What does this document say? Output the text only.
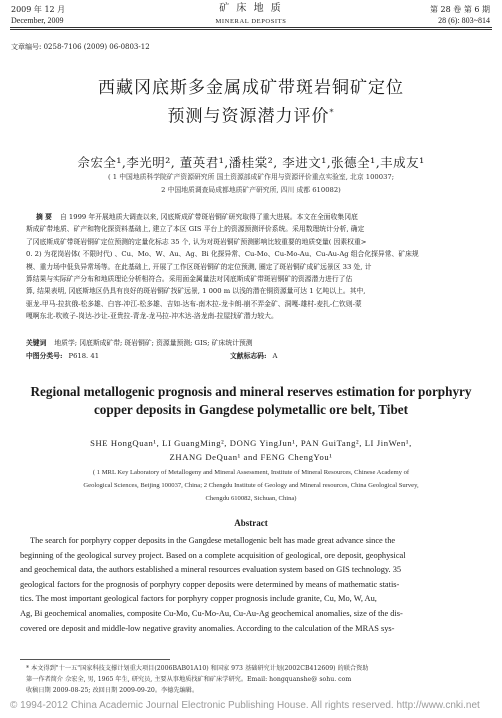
2009 年 12 月
December, 2009
矿 床 地 质
MINERAL DEPOSITS
第 28 卷 第 6 期
28 (6): 803~814
文章编号: 0258-7106 (2009) 06-0803-12
西藏冈底斯多金属成矿带斑岩铜矿定位
预测与资源潜力评价*
佘宏全¹,李光明², 董英君¹,潘桂棠², 李进文¹,张德全¹,丰成友¹
( 1 中国地质科学院矿产资源研究所 国土资源部成矿作用与资源评价重点实验室, 北京 100037;
2 中国地质调查局成都地质矿产研究所, 四川 成都 610082)
摘 要 自 1999 年开展地质大调查以来, 冈底斯成矿带斑岩铜矿研究取得了重大进展。本文在全面收集冈底
斯成矿带地质、矿产和物化探资料基础上, 建立了本区 GIS 平台上的资源预测评价系统。采用数理统计分析, 确定
了冈底斯成矿带斑岩铜矿定位预测的定量化标志 35 个, 认为对斑岩铜矿预测影响比较重要的地质变量( 因素权重>
0. 2) 为花岗岩体( 不限时代) 、Cu、Mo、W、Au、Ag、Bi 化探异常、Cu-Mo、Cu-Mo-Au、Cu-Au-Ag 组合化探异常、矿床规
模、重力场中低负异常场等。在此基础上, 开展了工作区斑岩铜矿的定位预测, 圈定了斑岩铜矿成矿远景区 33 处, 计
算结果与实际矿产分布和地质理论分析相符合。采用面金属量法对冈底斯成矿带斑岩铜矿的资源潜力进行了估
算, 结果表明, 冈底斯地区仍具有良好的斑岩铜矿找矿远景, 1 000 m 以浅的潜在铜资源量可达 1 亿吨以上。其中,
驱龙-甲马-拉抗俄-松多雄、白容-冲江-松多雄、吉如-达布-南木拉-龙卡朗-崩不弄金矿、洞嘎-雄村-麦扎-仁钦则-蒙
嘎啊东北-吹败子-岗达-沙让-亚贵拉-青龙-龙马拉-冲木达-洛龙南-拉屋找矿潜力较大。
关键词 地质学; 冈底斯成矿带; 斑岩铜矿; 资源量预测; GIS; 矿床统计预测
中图分类号: P618. 41	文献标志码: A
Regional metallogenic prognosis and mineral reserves estimation for porphyry
copper deposits in Gangdese polymetallic ore belt, Tibet
SHE HongQuan¹, LI GuangMing², DONG YingJun¹, PAN GuiTang², LI JinWen¹,
ZHANG DeQuan¹ and FENG ChengYou¹
( 1 MRL Key Laboratory of Metallogeny and Mineral Assessment, Institute of Mineral Resources, Chinese Academy of
Geological Sciences, Beijing 100037, China; 2 Chengdu Institute of Geology and Mineral resources, China Geological Survey,
Chengdu 610082, Sichuan, China)
Abstract
The search for porphyry copper deposits in the Gangdese metallogenic belt has made great advance since the
beginning of the geological survey project. Based on a complete acquisition of geological, ore deposit, geophysical
and geochemical data, the authors established a mineral resources evaluation system based on GIS technology. 35
geological factors for the prognosis of porphyry copper deposits were determined by means of mathematic statis-
tics. The most important geological factors for porphyry copper prognosis include granite, Cu, Mo, W, Au,
Ag, Bi geochemical anomalies, composite Cu-Mo, Cu-Mo-Au, Cu-Au-Ag geochemical anomalies, size of the dis-
covered ore deposit and middle-low negative gravity anomalies. According to the calculation of the MRAS sys-
* 本文得到"十一五"国家科技支撑计划重大项目(2006BAB01A10) 和国家 973 基础研究计划(2002CB412609) 的联合资助
第一作者简介 佘宏全, 男, 1965 年生, 研究员, 主要从事地质找矿和矿床学研究。Email: hongquanshe@ sohu. com
收稿日期 2009-08-25; 改回日期 2009-09-20。李德先编辑。
© 1994-2012 China Academic Journal Electronic Publishing House. All rights reserved. http://www.cnki.net
